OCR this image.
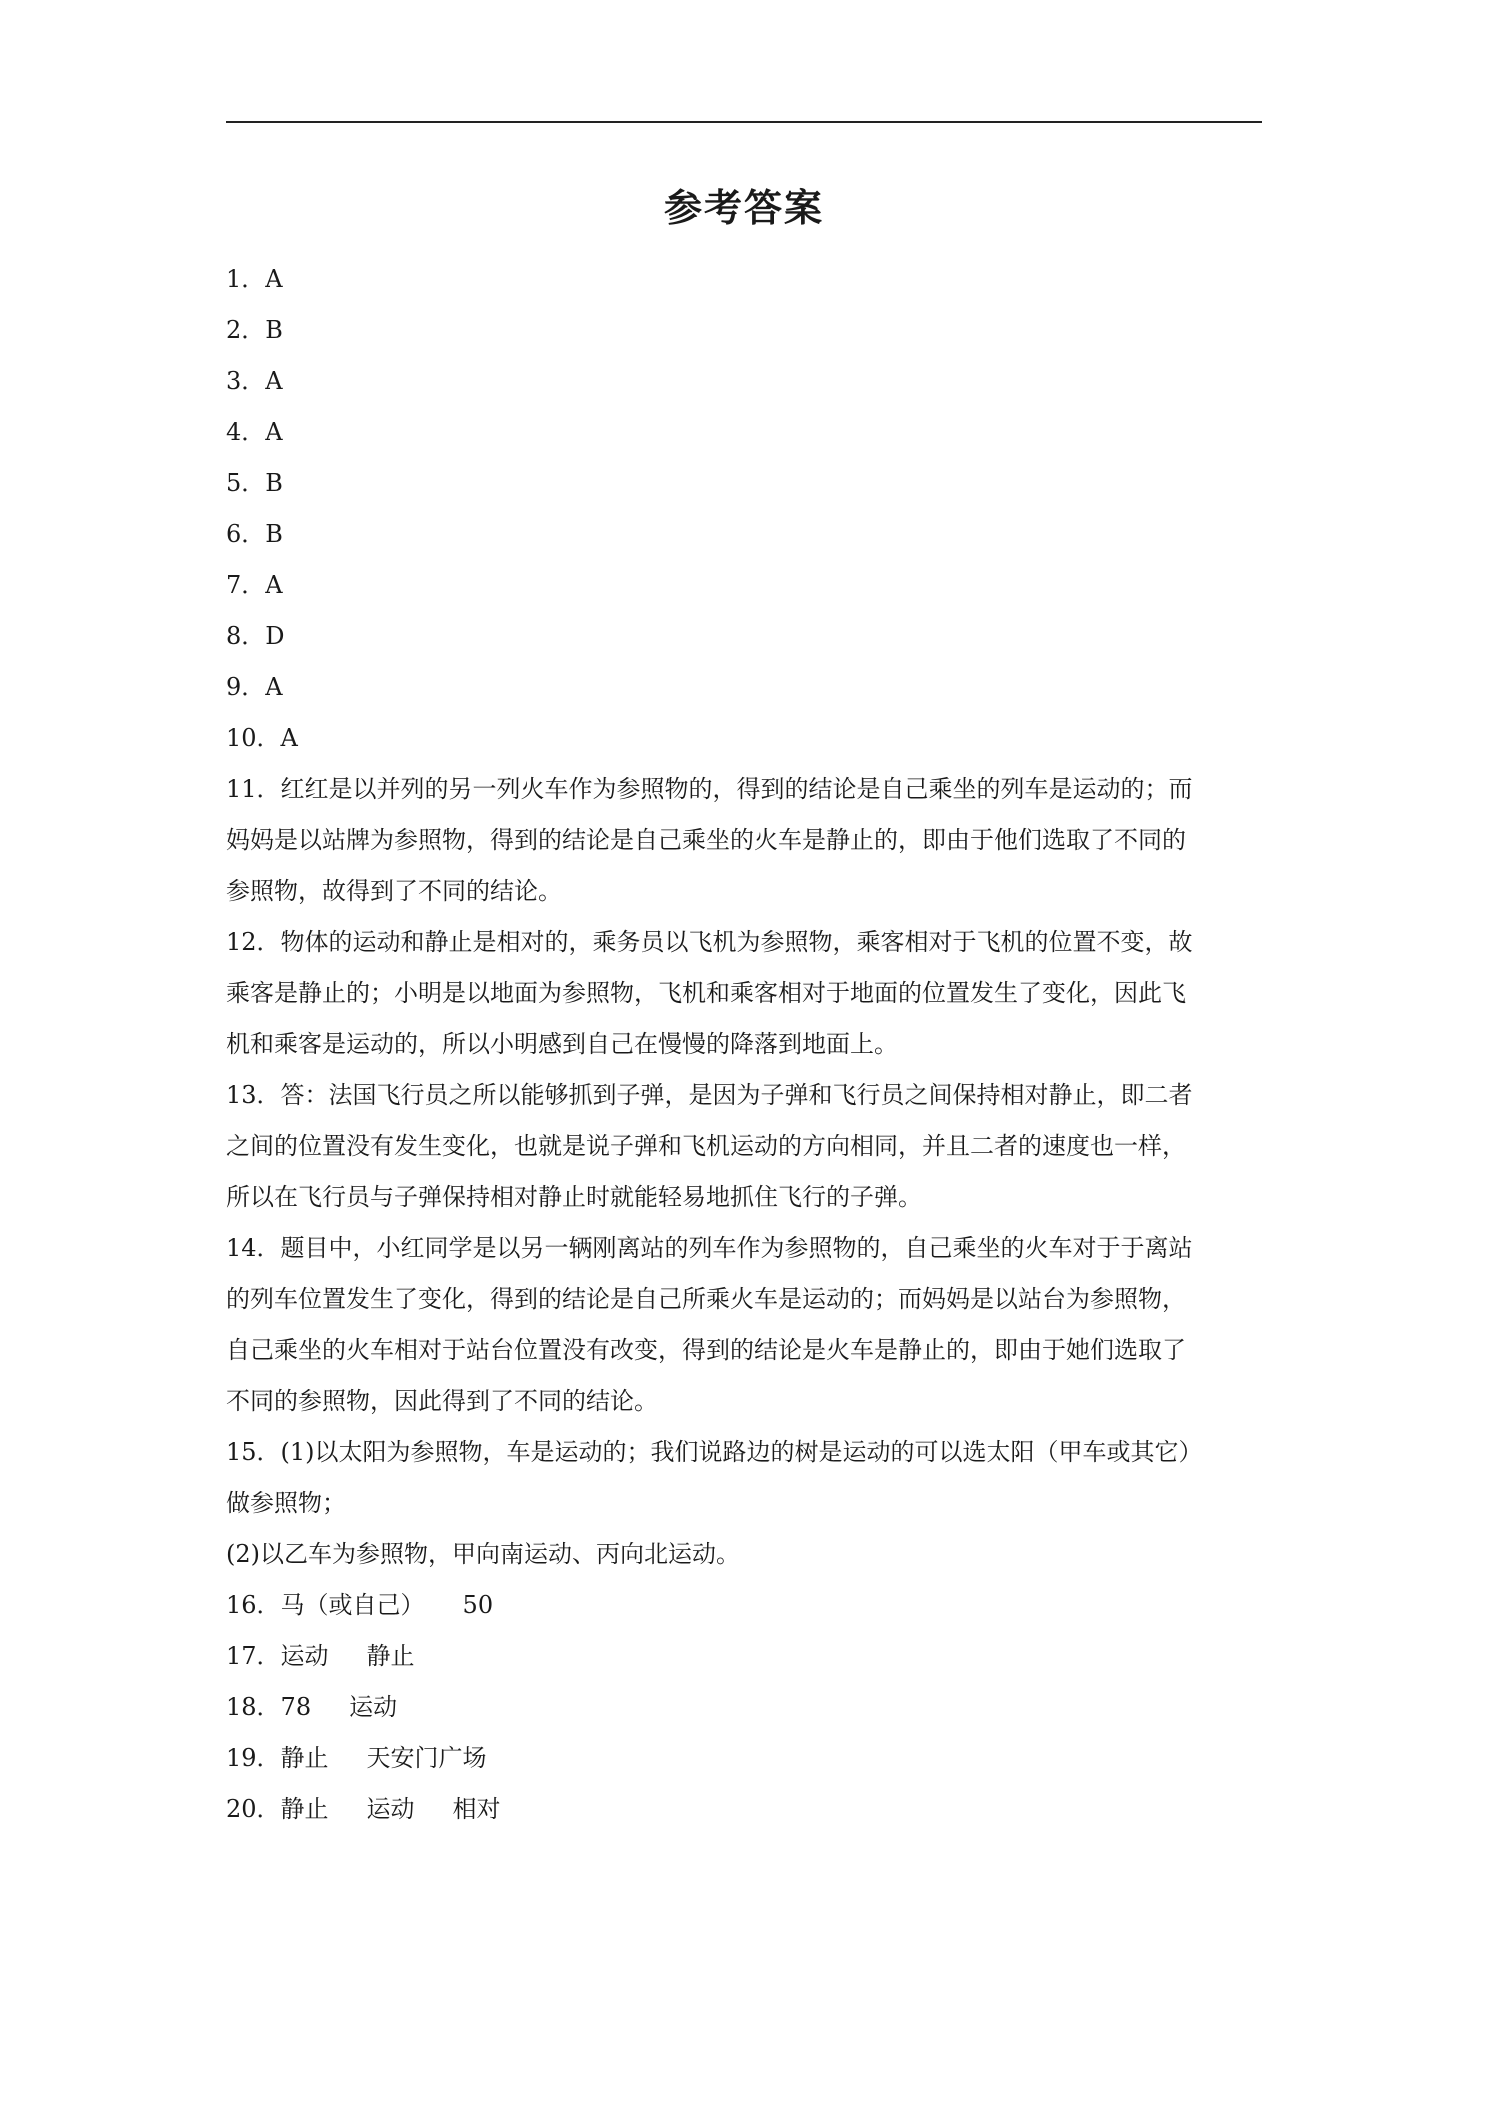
参考答案
1．A
2．B
3．A
4．A
5．B
6．B
7．A
8．D
9．A
10．A
11．红红是以并列的另一列火车作为参照物的，得到的结论是自己乘坐的列车是运动的；而
妈妈是以站牌为参照物，得到的结论是自己乘坐的火车是静止的，即由于他们选取了不同的
参照物，故得到了不同的结论。
12．物体的运动和静止是相对的，乘务员以飞机为参照物，乘客相对于飞机的位置不变，故
乘客是静止的；小明是以地面为参照物，飞机和乘客相对于地面的位置发生了变化，因此飞
机和乘客是运动的，所以小明感到自己在慢慢的降落到地面上。
13．答：法国飞行员之所以能够抓到子弹，是因为子弹和飞行员之间保持相对静止，即二者
之间的位置没有发生变化，也就是说子弹和飞机运动的方向相同，并且二者的速度也一样，
所以在飞行员与子弹保持相对静止时就能轻易地抓住飞行的子弹。
14．题目中，小红同学是以另一辆刚离站的列车作为参照物的，自己乘坐的火车对于于离站
的列车位置发生了变化，得到的结论是自己所乘火车是运动的；而妈妈是以站台为参照物，
自己乘坐的火车相对于站台位置没有改变，得到的结论是火车是静止的，即由于她们选取了
不同的参照物，因此得到了不同的结论。
15．(1)以太阳为参照物，车是运动的；我们说路边的树是运动的可以选太阳（甲车或其它）
做参照物；
(2)以乙车为参照物，甲向南运动、丙向北运动。
16．马（或自己） 50
17．运动 静止
18．78 运动
19．静止 天安门广场
20．静止 运动 相对
